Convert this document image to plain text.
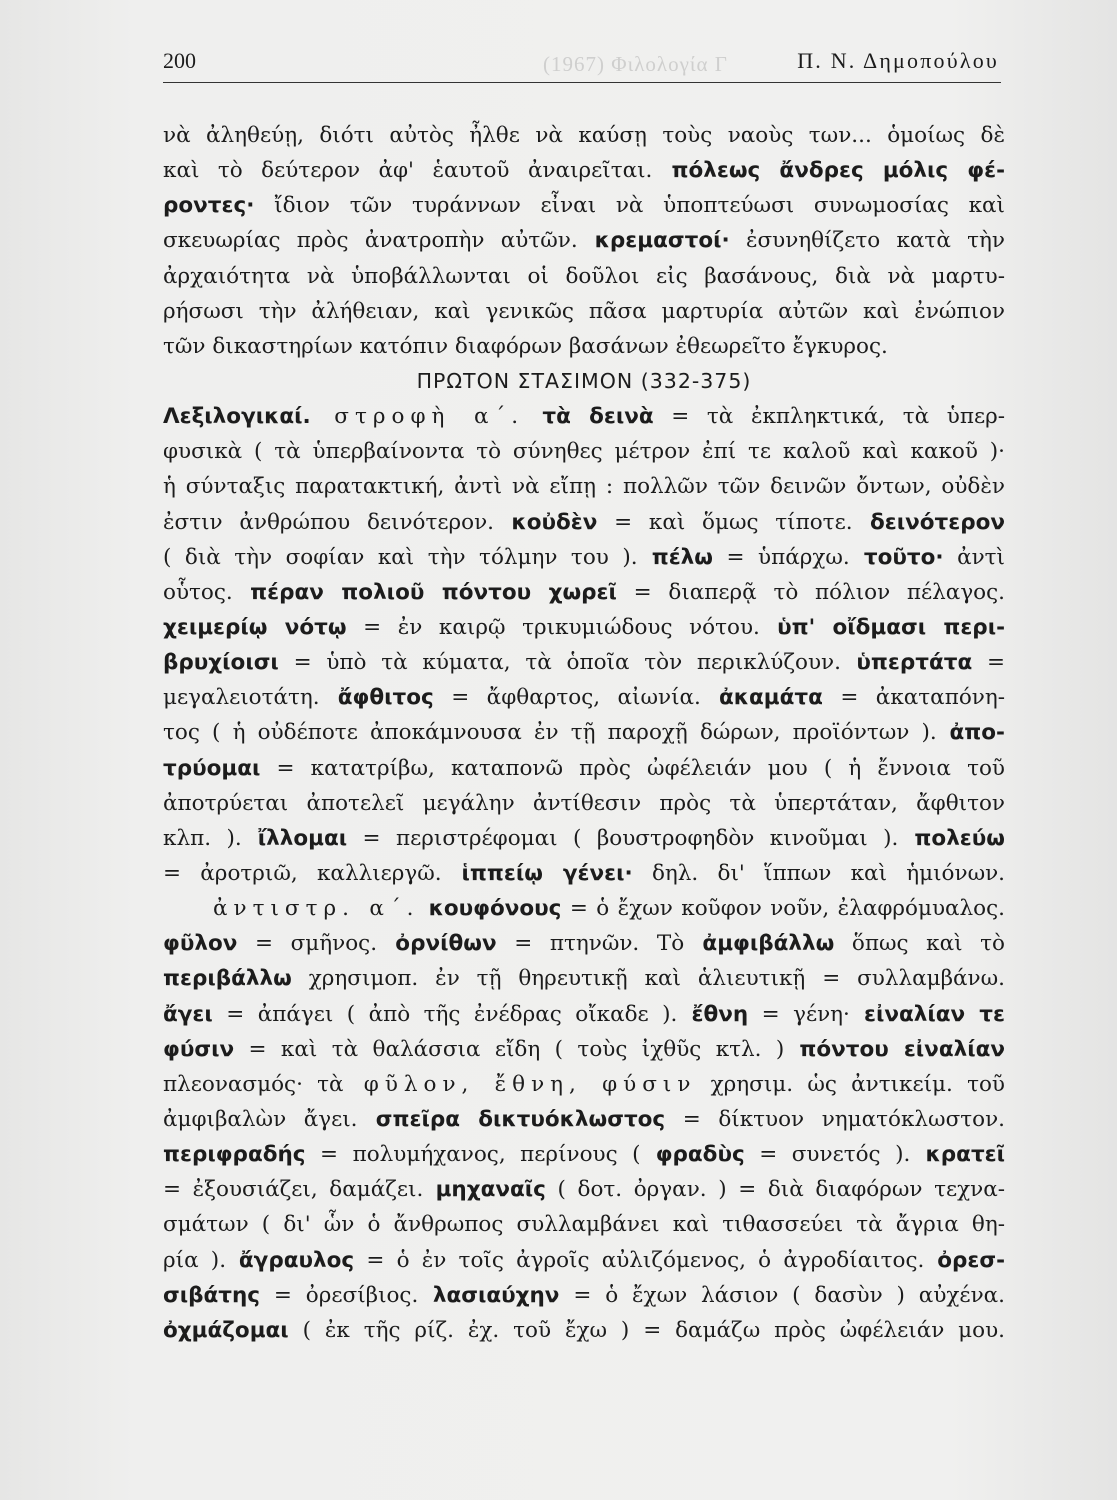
(1967) Φιλολογία Γ
200	Π. Ν. Δημοπούλου
νὰ ἀληθεύῃ, διότι αὐτὸς ἦλθε νὰ καύσῃ τοὺς ναοὺς των... ὁμοίως δὲ
καὶ τὸ δεύτερον ἀφ' ἑαυτοῦ ἀναιρεῖται. πόλεως ἄνδρες μόλις φέ-
ροντες· ἴδιον τῶν τυράννων εἶναι νὰ ὑποπτεύωσι συνωμοσίας καὶ
σκευωρίας πρὸς ἀνατροπὴν αὐτῶν. κρεμαστοί· ἐσυνηθίζετο κατὰ τὴν
ἀρχαιότητα νὰ ὑποβάλλωνται οἱ δοῦλοι εἰς βασάνους, διὰ νὰ μαρτυ-
ρήσωσι τὴν ἀλήθειαν, καὶ γενικῶς πᾶσα μαρτυρία αὐτῶν καὶ ἐνώπιον
τῶν δικαστηρίων κατόπιν διαφόρων βασάνων ἐθεωρεῖτο ἔγκυρος.
ΠΡΩΤΟΝ ΣΤΑΣΙΜΟΝ (332-375)
Λεξιλογικαί. στροφὴ α΄. τὰ δεινὰ = τὰ ἐκπληκτικά, τὰ ὑπερ-
φυσικὰ ( τὰ ὑπερβαίνοντα τὸ σύνηθες μέτρον ἐπί τε καλοῦ καὶ κακοῦ )·
ἡ σύνταξις παρατακτική, ἀντὶ νὰ εἴπῃ : πολλῶν τῶν δεινῶν ὄντων, οὐδὲν
ἐστιν ἀνθρώπου δεινότερον. κοὐδὲν = καὶ ὅμως τίποτε. δεινότερον
( διὰ τὴν σοφίαν καὶ τὴν τόλμην του ). πέλω = ὑπάρχω. τοῦτο· ἀντὶ
οὗτος. πέραν πολιοῦ πόντου χωρεῖ = διαπερᾷ τὸ πόλιον πέλαγος.
χειμερίῳ νότῳ = ἐν καιρῷ τρικυμιώδους νότου. ὑπ' οἴδμασι περι-
βρυχίοισι = ὑπὸ τὰ κύματα, τὰ ὁποῖα τὸν περικλύζουν. ὑπερτάτα =
μεγαλειοτάτη. ἄφθιτος = ἄφθαρτος, αἰωνία. ἀκαμάτα = ἀκαταπόνη-
τος ( ἡ οὐδέποτε ἀποκάμνουσα ἐν τῇ παροχῇ δώρων, προϊόντων ). ἀπο-
τρύομαι = κατατρίβω, καταπονῶ πρὸς ὠφέλειάν μου ( ἡ ἔννοια τοῦ
ἀποτρύεται ἀποτελεῖ μεγάλην ἀντίθεσιν πρὸς τὰ ὑπερτάταν, ἄφθιτον
κλπ. ). ἴλλομαι = περιστρέφομαι ( βουστροφηδὸν κινοῦμαι ). πολεύω
= ἀροτριῶ, καλλιεργῶ. ἱππείῳ γένει· δηλ. δι' ἵππων καὶ ἡμιόνων.
ἀντιστρ. α΄. κουφόνους = ὁ ἔχων κοῦφον νοῦν, ἐλαφρόμυαλος.
φῦλον = σμῆνος. ὀρνίθων = πτηνῶν. Τὸ ἀμφιβάλλω ὅπως καὶ τὸ
περιβάλλω χρησιμοπ. ἐν τῇ θηρευτικῇ καὶ ἁλιευτικῇ = συλλαμβάνω.
ἄγει = ἀπάγει ( ἀπὸ τῆς ἐνέδρας οἴκαδε ). ἔθνη = γένη· εἰναλίαν τε
φύσιν = καὶ τὰ θαλάσσια εἴδη ( τοὺς ἰχθῦς κτλ. ) πόντου εἰναλίαν
πλεονασμός· τὰ φῦλον, ἔθνη, φύσιν χρησιμ. ὡς ἀντικείμ. τοῦ
ἀμφιβαλὼν ἄγει. σπεῖρα δικτυόκλωστος = δίκτυον νηματόκλωστον.
περιφραδής = πολυμήχανος, περίνους ( φραδὺς = συνετός ). κρατεῖ
= ἐξουσιάζει, δαμάζει. μηχαναῖς ( δοτ. ὀργαν. ) = διὰ διαφόρων τεχνα-
σμάτων ( δι' ὧν ὁ ἄνθρωπος συλλαμβάνει καὶ τιθασσεύει τὰ ἄγρια θη-
ρία ). ἄγραυλος = ὁ ἐν τοῖς ἀγροῖς αὐλιζόμενος, ὁ ἀγροδίαιτος. ὀρεσ-
σιβάτης = ὀρεσίβιος. λασιαύχην = ὁ ἔχων λάσιον ( δασὺν ) αὐχένα.
ὀχμάζομαι ( ἐκ τῆς ρίζ. ἐχ. τοῦ ἔχω ) = δαμάζω πρὸς ὠφέλειάν μου.
